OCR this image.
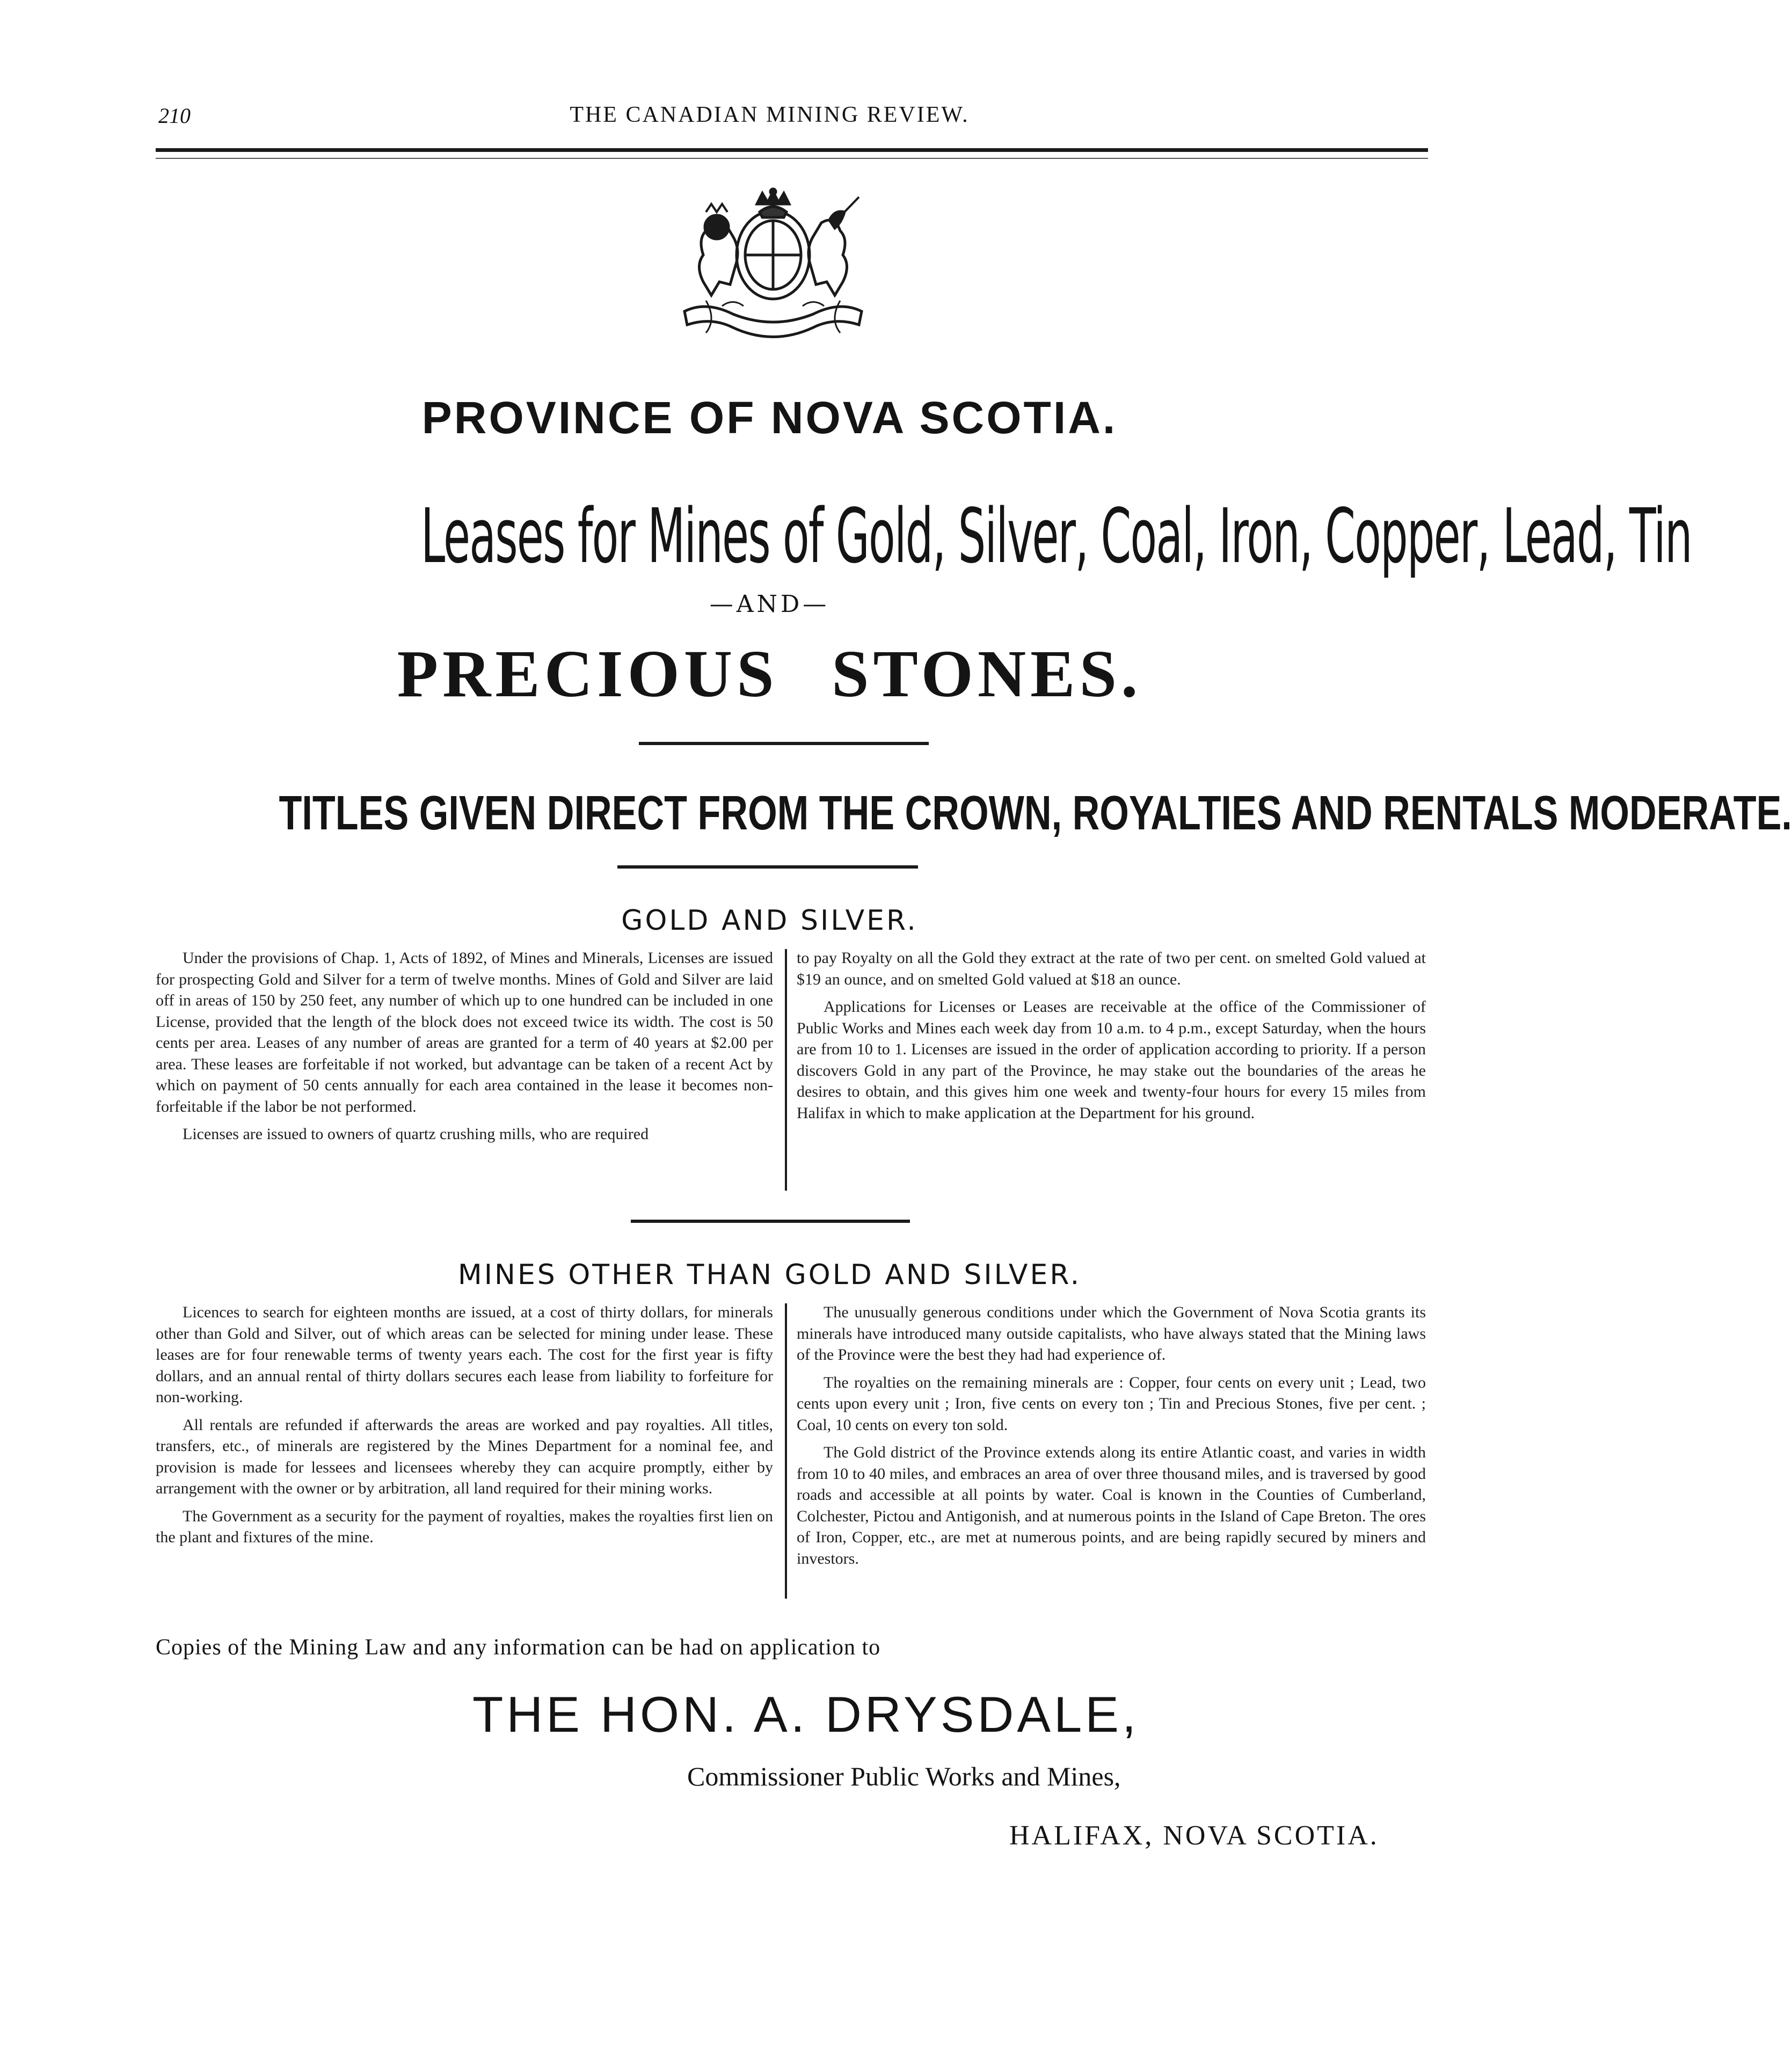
210	THE CANADIAN MINING REVIEW.
PROVINCE OF NOVA SCOTIA.
Leases for Mines of Gold, Silver, Coal, Iron, Copper, Lead, Tin
—AND—
PRECIOUS STONES.
TITLES GIVEN DIRECT FROM THE CROWN, ROYALTIES AND RENTALS MODERATE.
GOLD AND SILVER.

Under the provisions of Chap. 1, Acts of 1892, of Mines and Minerals, Licenses are issued for prospecting Gold and Silver for a term of twelve months. Mines of Gold and Silver are laid off in areas of 150 by 250 feet, any number of which up to one hundred can be included in one License, provided that the length of the block does not exceed twice its width. The cost is 50 cents per area. Leases of any number of areas are granted for a term of 40 years at $2.00 per area. These leases are forfeitable if not worked, but advantage can be taken of a recent Act by which on payment of 50 cents annually for each area contained in the lease it becomes non-forfeitable if the labor be not performed.

Licenses are issued to owners of quartz crushing mills, who are required

to pay Royalty on all the Gold they extract at the rate of two per cent. on smelted Gold valued at $19 an ounce, and on smelted Gold valued at $18 an ounce.

Applications for Licenses or Leases are receivable at the office of the Commissioner of Public Works and Mines each week day from 10 a.m. to 4 p.m., except Saturday, when the hours are from 10 to 1. Licenses are issued in the order of application according to priority. If a person discovers Gold in any part of the Province, he may stake out the boundaries of the areas he desires to obtain, and this gives him one week and twenty-four hours for every 15 miles from Halifax in which to make application at the Department for his ground.

MINES OTHER THAN GOLD AND SILVER.

Licences to search for eighteen months are issued, at a cost of thirty dollars, for minerals other than Gold and Silver, out of which areas can be selected for mining under lease. These leases are for four renewable terms of twenty years each. The cost for the first year is fifty dollars, and an annual rental of thirty dollars secures each lease from liability to forfeiture for non-working.

All rentals are refunded if afterwards the areas are worked and pay royalties. All titles, transfers, etc., of minerals are registered by the Mines Department for a nominal fee, and provision is made for lessees and licensees whereby they can acquire promptly, either by arrangement with the owner or by arbitration, all land required for their mining works.

The Government as a security for the payment of royalties, makes the royalties first lien on the plant and fixtures of the mine.

The unusually generous conditions under which the Government of Nova Scotia grants its minerals have introduced many outside capitalists, who have always stated that the Mining laws of the Province were the best they had had experience of.

The royalties on the remaining minerals are : Copper, four cents on every unit ; Lead, two cents upon every unit ; Iron, five cents on every ton ; Tin and Precious Stones, five per cent. ; Coal, 10 cents on every ton sold.

The Gold district of the Province extends along its entire Atlantic coast, and varies in width from 10 to 40 miles, and embraces an area of over three thousand miles, and is traversed by good roads and accessible at all points by water. Coal is known in the Counties of Cumberland, Colchester, Pictou and Antigonish, and at numerous points in the Island of Cape Breton. The ores of Iron, Copper, etc., are met at numerous points, and are being rapidly secured by miners and investors.

Copies of the Mining Law and any information can be had on application to
THE HON. A. DRYSDALE,
Commissioner Public Works and Mines,
HALIFAX, NOVA SCOTIA.
